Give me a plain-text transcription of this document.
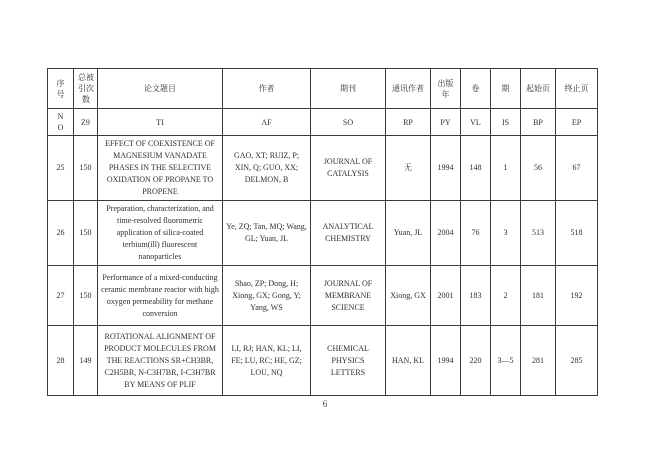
序号	总被引次数	论文题目	作者	期刊	通讯作者	出版年	卷	期	起始页	终止页
NO	Z9	TI	AF	SO	RP	PY	VL	IS	BP	EP
25	150	EFFECT OF COEXISTENCE OF MAGNESIUM VANADATE PHASES IN THE SELECTIVE OXIDATION OF PROPANE TO PROPENE	GAO, XT; RUIZ, P; XIN, Q; GUO, XX; DELMON, B	JOURNAL OF CATALYSIS	无	1994	148	1	56	67
26	150	Preparation, characterization, and time-resolved fluorometric application of silica-coated terbium(ill) fluorescent nanoparticles	Ye, ZQ; Tan, MQ; Wang, GL; Yuan, JL	ANALYTICAL CHEMISTRY	Yuan, JL	2004	76	3	513	518
27	150	Performance of a mixed-conducting ceramic membrane reactor with high oxygen permeability for methane conversion	Shao, ZP; Dong, H; Xiong, GX; Gong, Y; Yang, WS	JOURNAL OF MEMBRANE SCIENCE	Xiong, GX	2001	183	2	181	192
28	149	ROTATIONAL ALIGNMENT OF PRODUCT MOLECULES FROM THE REACTIONS SR+CH3BR, C2H5BR, N-C3H7BR, I-C3H7BR BY MEANS OF PLIF	LI, RJ; HAN, KL; LI, FE; LU, RC; HE, GZ; LOU, NQ	CHEMICAL PHYSICS LETTERS	HAN, KL	1994	220	3—5	281	285
6
